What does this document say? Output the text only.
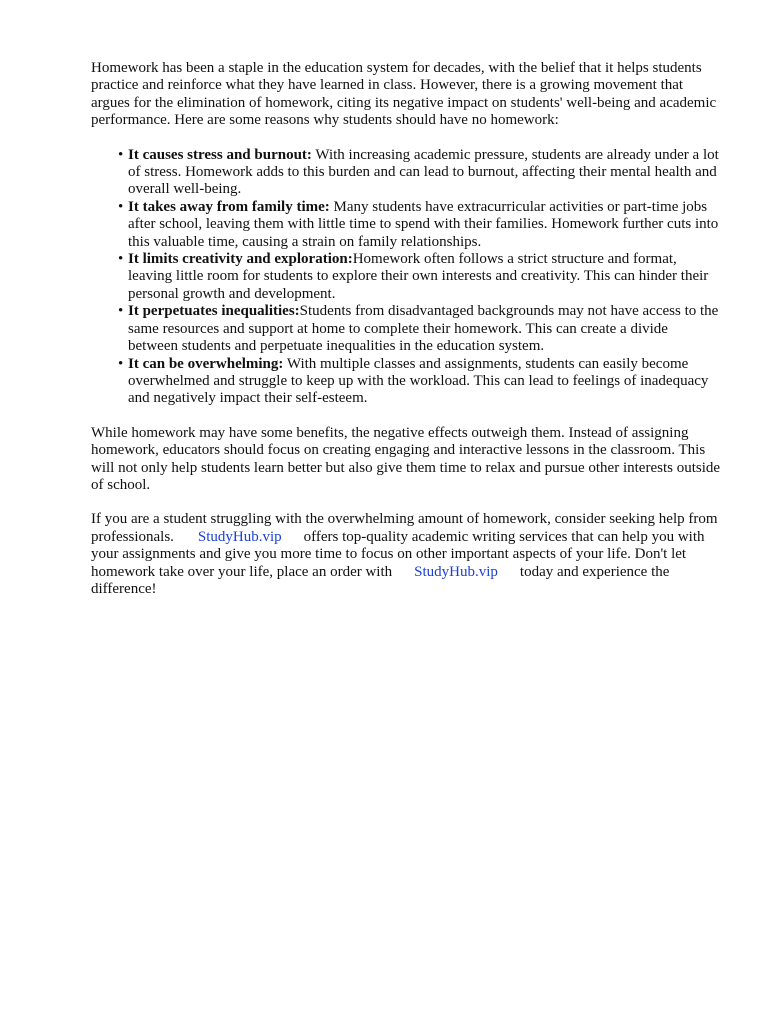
Homework has been a staple in the education system for decades, with the belief that it helps students practice and reinforce what they have learned in class. However, there is a growing movement that argues for the elimination of homework, citing its negative impact on students' well-being and academic performance. Here are some reasons why students should have no homework:

• It causes stress and burnout: With increasing academic pressure, students are already under a lot of stress. Homework adds to this burden and can lead to burnout, affecting their mental health and overall well-being.
• It takes away from family time: Many students have extracurricular activities or part-time jobs after school, leaving them with little time to spend with their families. Homework further cuts into this valuable time, causing a strain on family relationships.
• It limits creativity and exploration:Homework often follows a strict structure and format, leaving little room for students to explore their own interests and creativity. This can hinder their personal growth and development.
• It perpetuates inequalities:Students from disadvantaged backgrounds may not have access to the same resources and support at home to complete their homework. This can create a divide between students and perpetuate inequalities in the education system.
• It can be overwhelming: With multiple classes and assignments, students can easily become overwhelmed and struggle to keep up with the workload. This can lead to feelings of inadequacy and negatively impact their self-esteem.

While homework may have some benefits, the negative effects outweigh them. Instead of assigning homework, educators should focus on creating engaging and interactive lessons in the classroom. This will not only help students learn better but also give them time to relax and pursue other interests outside of school.

If you are a student struggling with the overwhelming amount of homework, consider seeking help from professionals. StudyHub.vip offers top-quality academic writing services that can help you with your assignments and give you more time to focus on other important aspects of your life. Don't let homework take over your life, place an order with StudyHub.vip today and experience the difference!
